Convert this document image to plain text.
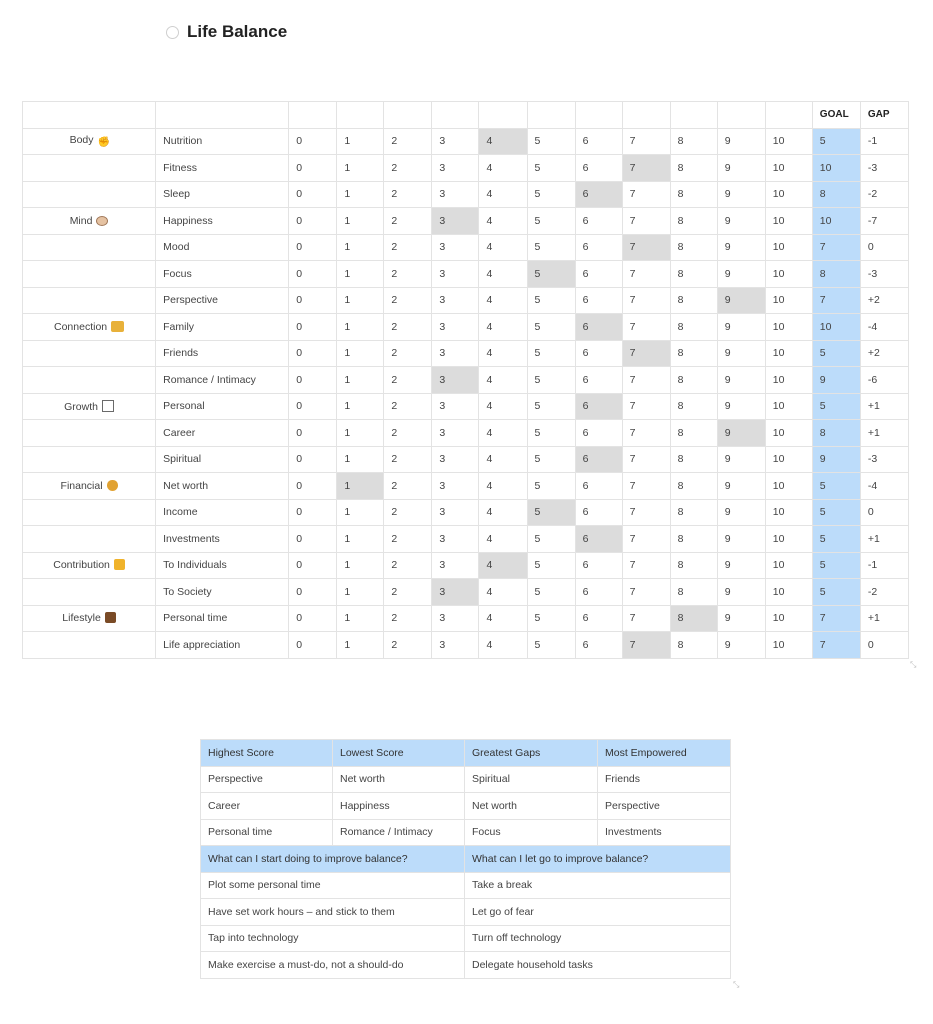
Life Balance
													GOAL	GAP
Body ✊	Nutrition	0	1	2	3	4	5	6	7	8	9	10	5	-1
	Fitness	0	1	2	3	4	5	6	7	8	9	10	10	-3
	Sleep	0	1	2	3	4	5	6	7	8	9	10	8	-2
Mind	Happiness	0	1	2	3	4	5	6	7	8	9	10	10	-7
	Mood	0	1	2	3	4	5	6	7	8	9	10	7	0
	Focus	0	1	2	3	4	5	6	7	8	9	10	8	-3
	Perspective	0	1	2	3	4	5	6	7	8	9	10	7	+2
Connection	Family	0	1	2	3	4	5	6	7	8	9	10	10	-4
	Friends	0	1	2	3	4	5	6	7	8	9	10	5	+2
	Romance / Intimacy	0	1	2	3	4	5	6	7	8	9	10	9	-6
Growth	Personal	0	1	2	3	4	5	6	7	8	9	10	5	+1
	Career	0	1	2	3	4	5	6	7	8	9	10	8	+1
	Spiritual	0	1	2	3	4	5	6	7	8	9	10	9	-3
Financial	Net worth	0	1	2	3	4	5	6	7	8	9	10	5	-4
	Income	0	1	2	3	4	5	6	7	8	9	10	5	0
	Investments	0	1	2	3	4	5	6	7	8	9	10	5	+1
Contribution	To Individuals	0	1	2	3	4	5	6	7	8	9	10	5	-1
	To Society	0	1	2	3	4	5	6	7	8	9	10	5	-2
Lifestyle	Personal time	0	1	2	3	4	5	6	7	8	9	10	7	+1
	Life appreciation	0	1	2	3	4	5	6	7	8	9	10	7	0
⤡
Highest Score	Lowest Score	Greatest Gaps	Most Empowered
Perspective	Net worth	Spiritual	Friends
Career	Happiness	Net worth	Perspective
Personal time	Romance / Intimacy	Focus	Investments
What can I start doing to improve balance?		What can I let go to improve balance?	
Plot some personal time		Take a break	
Have set work hours – and stick to them		Let go of fear	
Tap into technology		Turn off technology	
Make exercise a must-do, not a should-do		Delegate household tasks	
⤡
